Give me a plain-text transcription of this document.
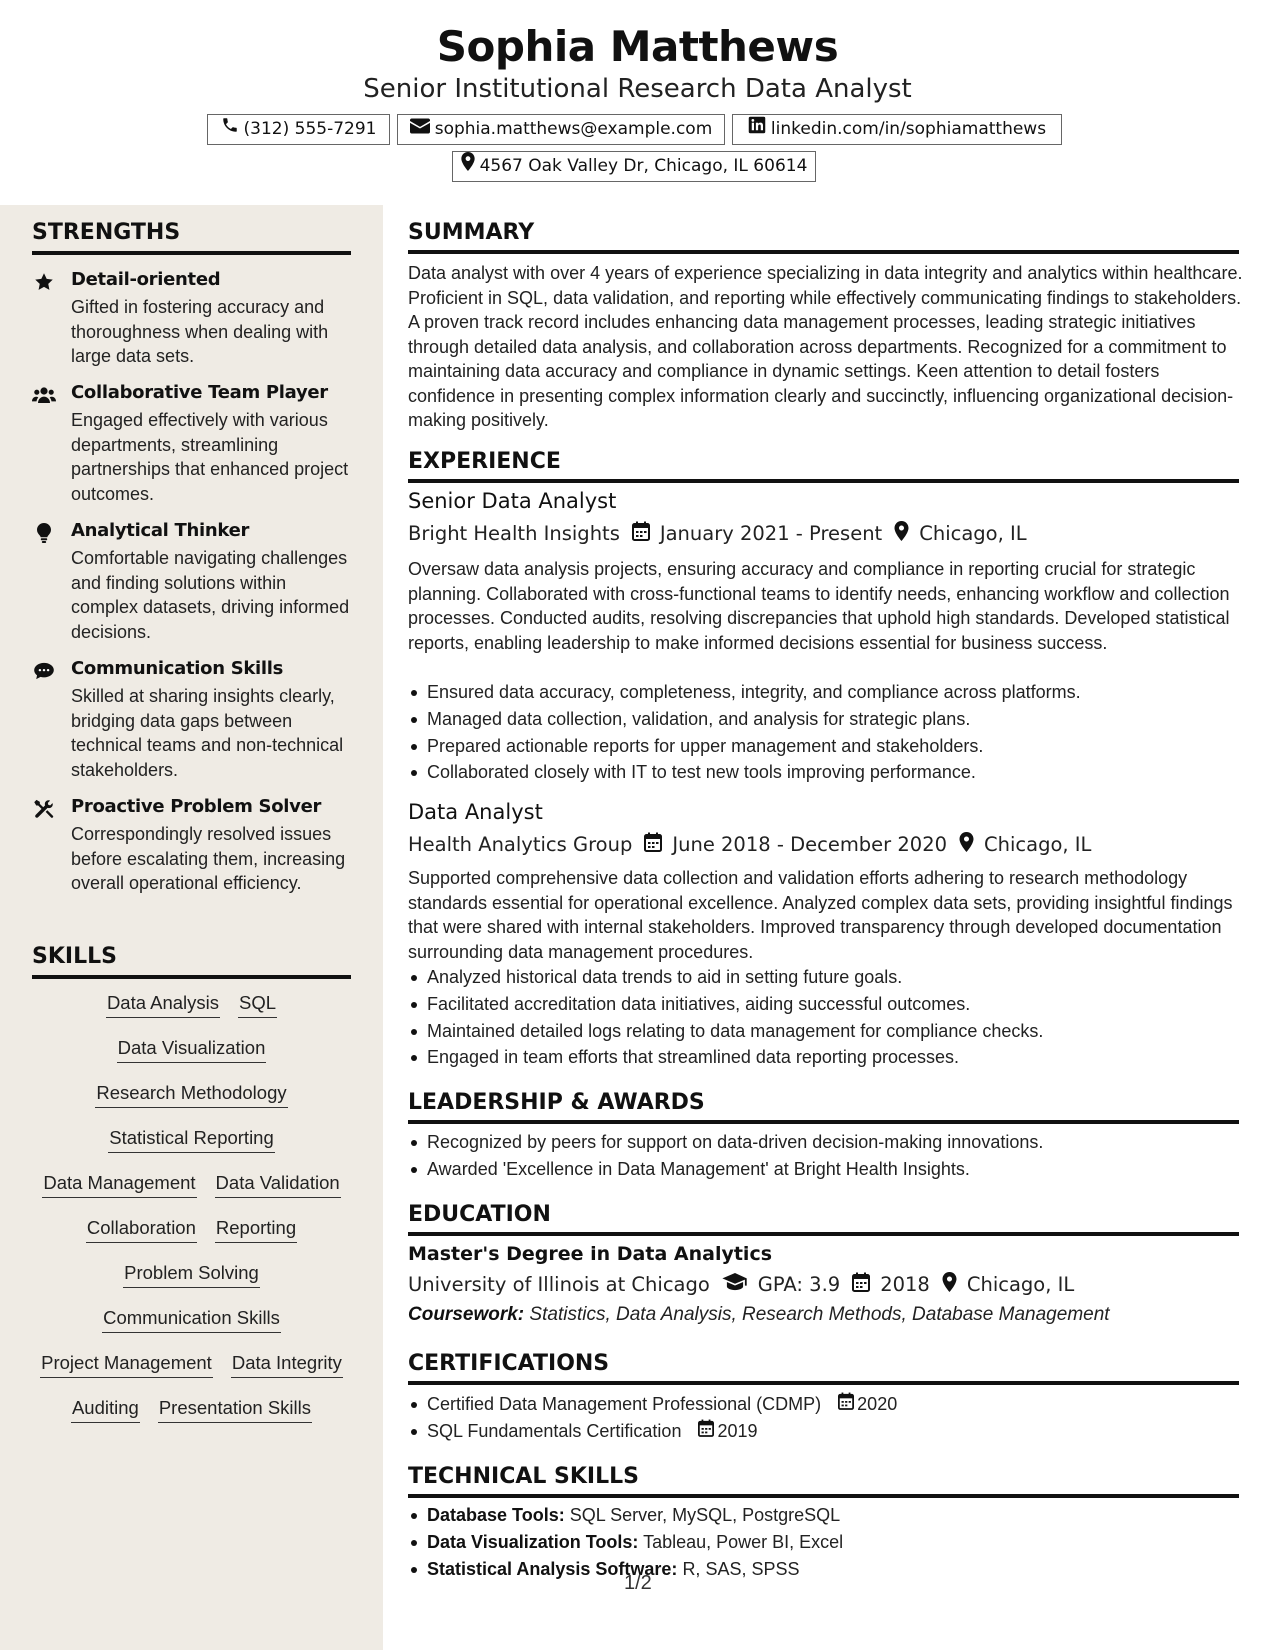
Sophia Matthews
Senior Institutional Research Data Analyst
(312) 555-7291	sophia.matthews@example.com	linkedin.com/in/sophiamatthews
4567 Oak Valley Dr, Chicago, IL 60614
STRENGTHS
Detail-oriented
Gifted in fostering accuracy and thoroughness when dealing with large data sets.
Collaborative Team Player
Engaged effectively with various departments, streamlining partnerships that enhanced project outcomes.
Analytical Thinker
Comfortable navigating challenges and finding solutions within complex datasets, driving informed decisions.
Communication Skills
Skilled at sharing insights clearly, bridging data gaps between technical teams and non-technical stakeholders.
Proactive Problem Solver
Correspondingly resolved issues before escalating them, increasing overall operational efficiency.
SKILLS
Data Analysis SQL
Data Visualization
Research Methodology
Statistical Reporting
Data Management Data Validation
Collaboration Reporting
Problem Solving
Communication Skills
Project Management Data Integrity
Auditing Presentation Skills
SUMMARY
Data analyst with over 4 years of experience specializing in data integrity and analytics within healthcare. Proficient in SQL, data validation, and reporting while effectively communicating findings to stakeholders. A proven track record includes enhancing data management processes, leading strategic initiatives through detailed data analysis, and collaboration across departments. Recognized for a commitment to maintaining data accuracy and compliance in dynamic settings. Keen attention to detail fosters confidence in presenting complex information clearly and succinctly, influencing organizational decision-making positively.
EXPERIENCE
Senior Data Analyst
Bright Health Insights January 2021 - Present Chicago, IL
Oversaw data analysis projects, ensuring accuracy and compliance in reporting crucial for strategic planning. Collaborated with cross-functional teams to identify needs, enhancing workflow and collection processes. Conducted audits, resolving discrepancies that uphold high standards. Developed statistical reports, enabling leadership to make informed decisions essential for business success.
Ensured data accuracy, completeness, integrity, and compliance across platforms.
Managed data collection, validation, and analysis for strategic plans.
Prepared actionable reports for upper management and stakeholders.
Collaborated closely with IT to test new tools improving performance.
Data Analyst
Health Analytics Group June 2018 - December 2020 Chicago, IL
Supported comprehensive data collection and validation efforts adhering to research methodology standards essential for operational excellence. Analyzed complex data sets, providing insightful findings that were shared with internal stakeholders. Improved transparency through developed documentation surrounding data management procedures.
Analyzed historical data trends to aid in setting future goals.
Facilitated accreditation data initiatives, aiding successful outcomes.
Maintained detailed logs relating to data management for compliance checks.
Engaged in team efforts that streamlined data reporting processes.
LEADERSHIP & AWARDS
Recognized by peers for support on data-driven decision-making innovations.
Awarded 'Excellence in Data Management' at Bright Health Insights.
EDUCATION
Master's Degree in Data Analytics
University of Illinois at Chicago GPA: 3.9 2018 Chicago, IL
Coursework: Statistics, Data Analysis, Research Methods, Database Management
CERTIFICATIONS
Certified Data Management Professional (CDMP) 2020
SQL Fundamentals Certification 2019
TECHNICAL SKILLS
Database Tools: SQL Server, MySQL, PostgreSQL
Data Visualization Tools: Tableau, Power BI, Excel
Statistical Analysis Software: R, SAS, SPSS
1/2
